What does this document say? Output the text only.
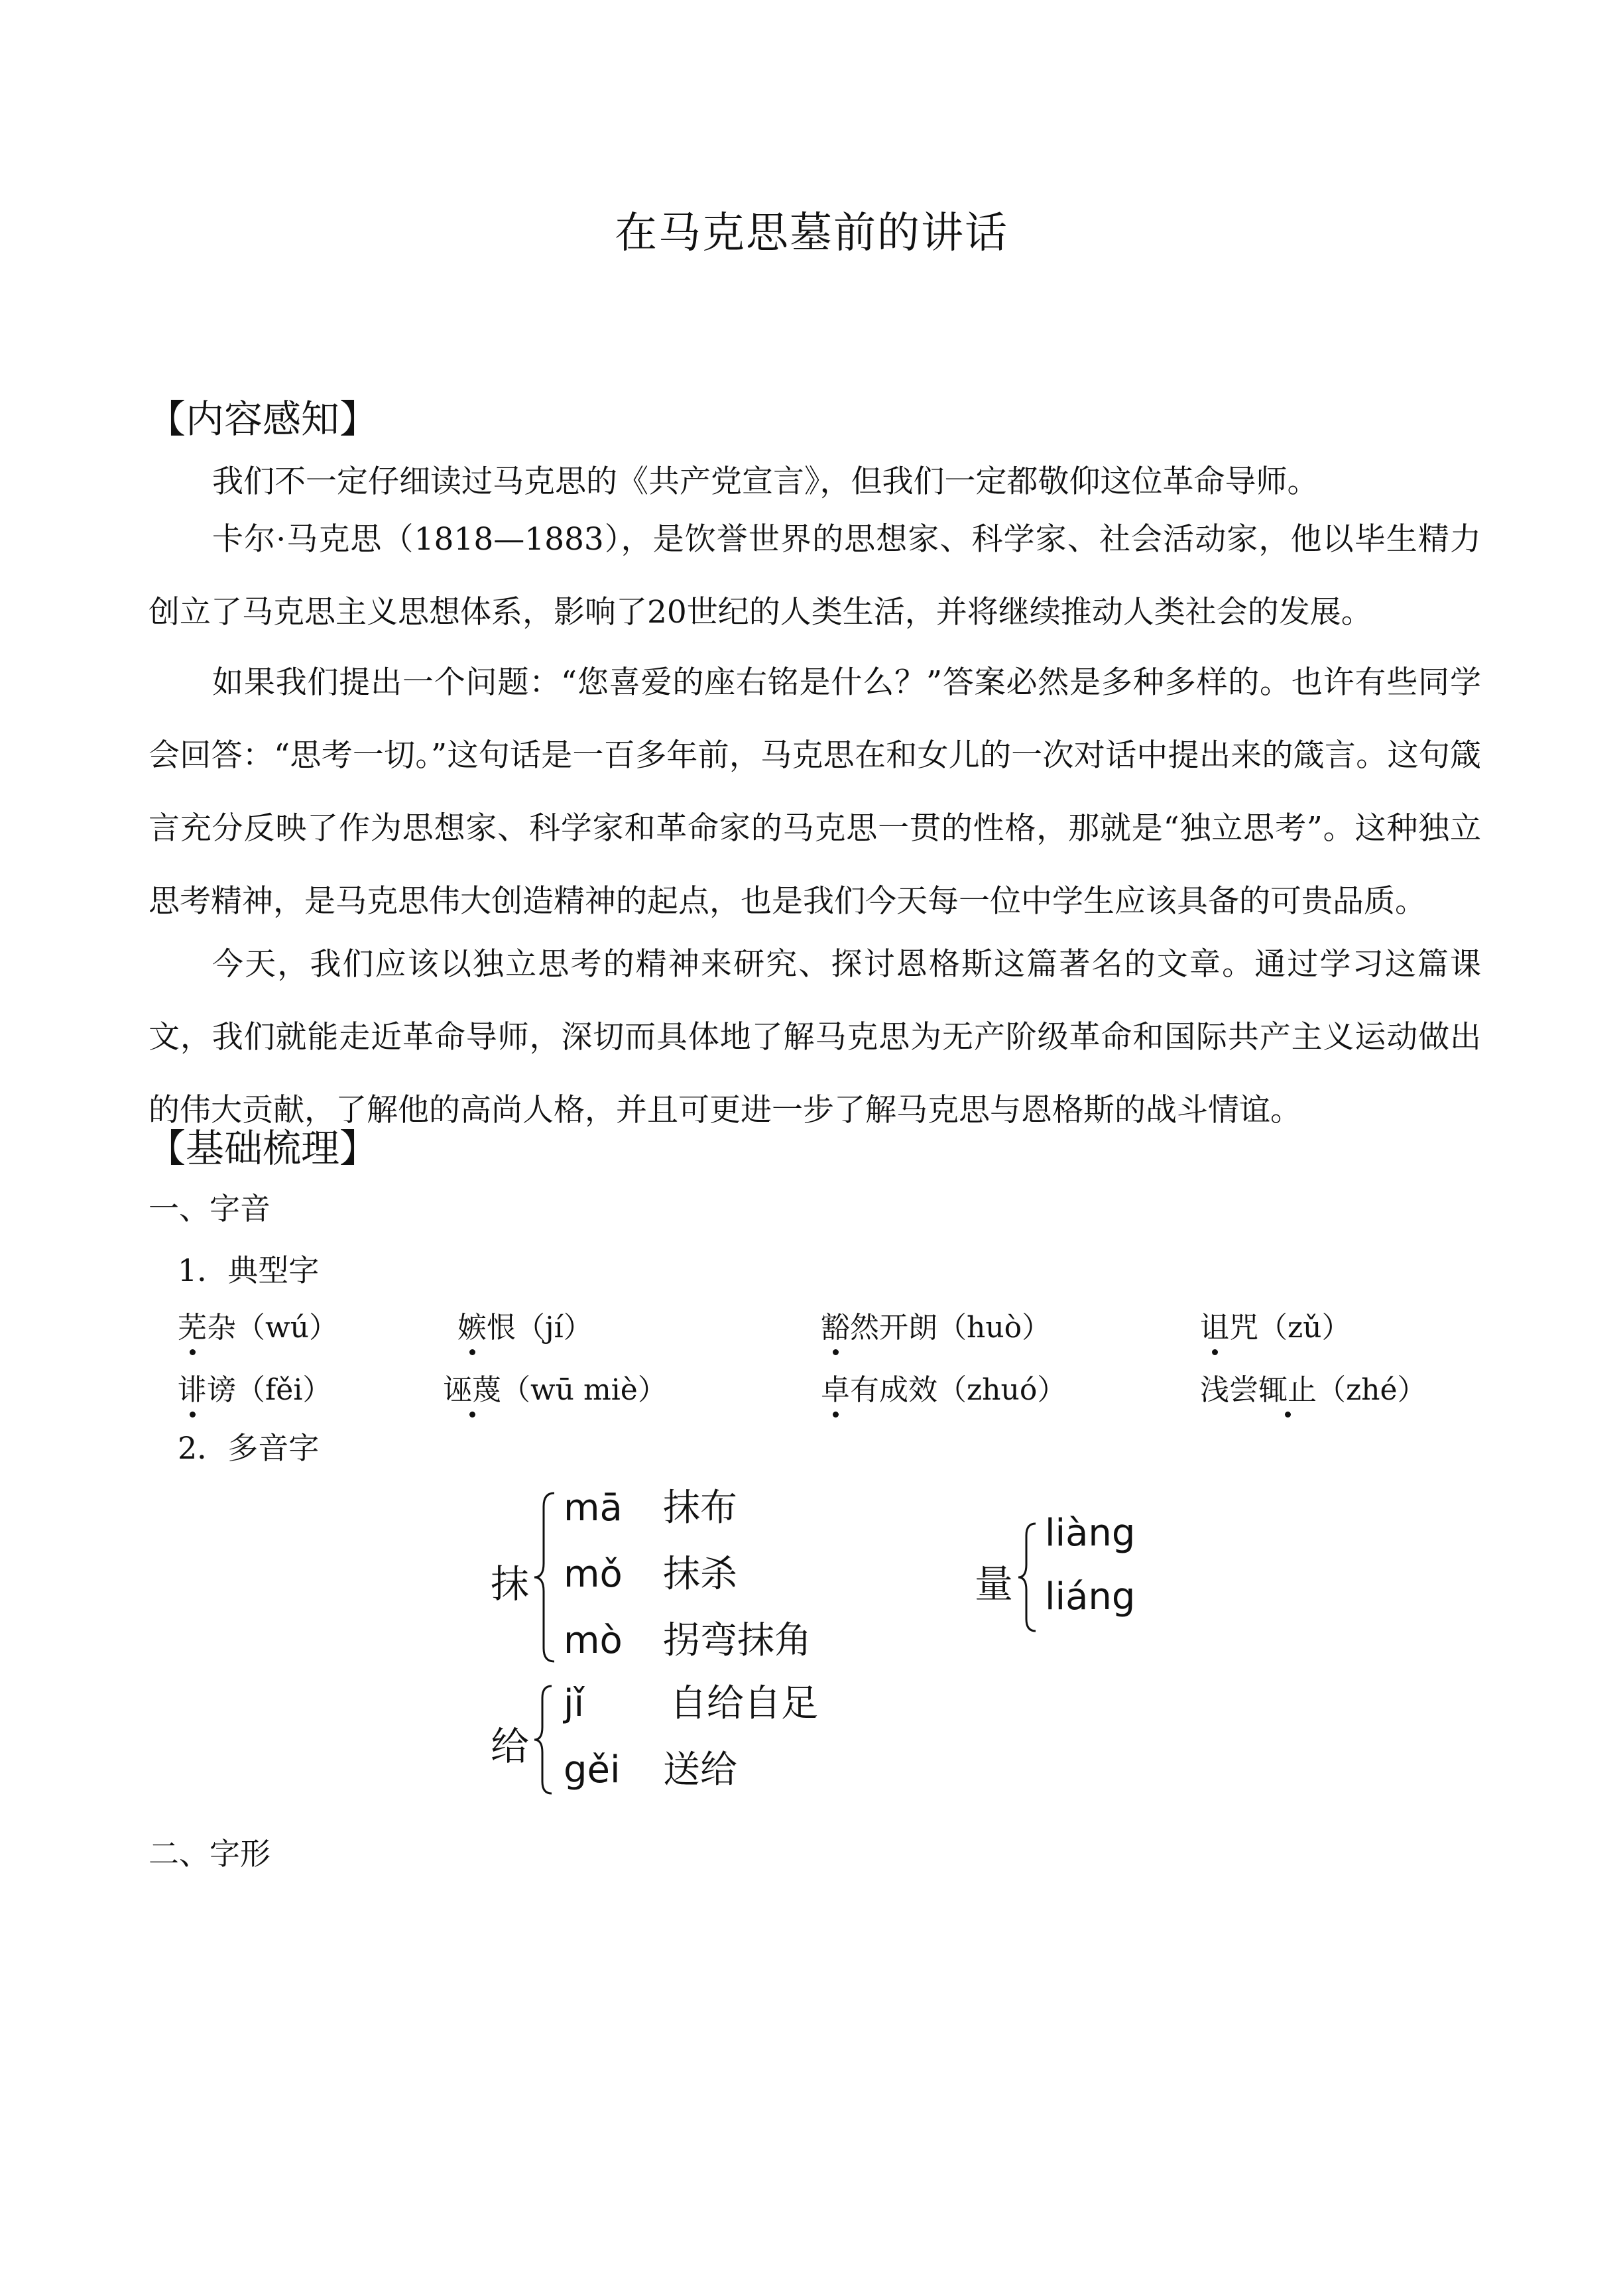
在马克思墓前的讲话
【内容感知】

我们不一定仔细读过马克思的《共产党宣言》，但我们一定都敬仰这位革命导师。

卡尔·马克思（1818—1883），是饮誉世界的思想家、科学家、社会活动家，他以毕生精力创立了马克思主义思想体系，影响了20世纪的人类生活，并将继续推动人类社会的发展。

今天，我们应该以独立思考的精神来研究、探讨恩格斯这篇著名的文章。通过学习这篇课文，我们就能走近革命导师，深切而具体地了解马克思为无产阶级革命和国际共产主义运动做出的伟大贡献，了解他的高尚人格，并且可更进一步了解马克思与恩格斯的战斗情谊。

如果我们提出一个问题：“您喜爱的座右铭是什么？”答案必然是多种多样的。也许有些同学会回答：“思考一切。”这句话是一百多年前，马克思在和女儿的一次对话中提出来的箴言。这句箴言充分反映了作为思想家、科学家和革命家的马克思一贯的性格，那就是“独立思考”。这种独立思考精神，是马克思伟大创造精神的起点，也是我们今天每一位中学生应该具备的可贵品质。

【基础梳理】
一、字音
1．典型字
芜杂（wú）	嫉恨（jí）	豁然开朗（huò）	诅咒（zǔ）
诽谤（fěi）	诬蔑（wū miè）	卓有成效（zhuó）	浅尝辄止（zhé）
2．多音字
抹
mā 抹布
mǒ 抹杀
mò 拐弯抹角
量
liàng
liáng
给
jǐ 自给自足
gěi 送给
二、字形
